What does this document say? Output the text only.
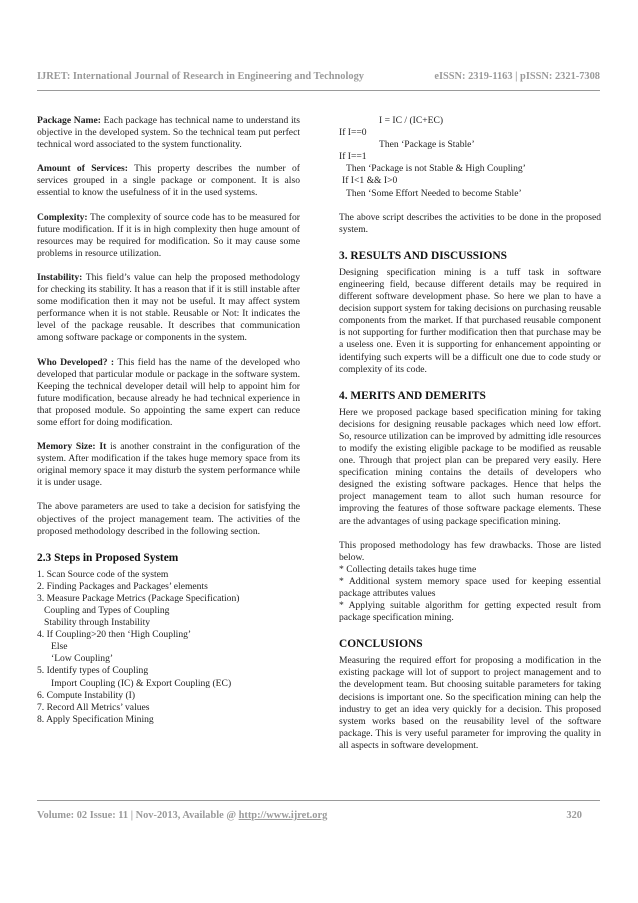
IJRET: International Journal of Research in Engineering and Technology	eISSN: 2319-1163 | pISSN: 2321-7308

Package Name: Each package has technical name to understand its objective in the developed system. So the technical team put perfect technical word associated to the system functionality.

Amount of Services: This property describes the number of services grouped in a single package or component. It is also essential to know the usefulness of it in the used systems.

Complexity: The complexity of source code has to be measured for future modification. If it is in high complexity then huge amount of resources may be required for modification. So it may cause some problems in resource utilization.

Instability: This field’s value can help the proposed methodology for checking its stability. It has a reason that if it is still instable after some modification then it may not be useful. It may affect system performance when it is not stable. Reusable or Not: It indicates the level of the package reusable. It describes that communication among software package or components in the system.

Who Developed? : This field has the name of the developed who developed that particular module or package in the software system. Keeping the technical developer detail will help to appoint him for future modification, because already he had technical experience in that proposed module. So appointing the same expert can reduce some effort for doing modification.

Memory Size: It is another constraint in the configuration of the system. After modification if the takes huge memory space from its original memory space it may disturb the system performance while it is under usage.

The above parameters are used to take a decision for satisfying the objectives of the project management team. The activities of the proposed methodology described in the following section.

2.3 Steps in Proposed System
1. Scan Source code of the system
2. Finding Packages and Packages’ elements
3. Measure Package Metrics (Package Specification)
Coupling and Types of Coupling
Stability through Instability
4. If Coupling>20 then ‘High Coupling’
Else
‘Low Coupling’
5. Identify types of Coupling
Import Coupling (IC) & Export Coupling (EC)
6. Compute Instability (I)
7. Record All Metrics’ values
8. Apply Specification Mining
I = IC / (IC+EC)
If I==0
Then ‘Package is Stable’
If I==1
Then ‘Package is not Stable & High Coupling’
If I<1 && I>0
Then ‘Some Effort Needed to become Stable’

The above script describes the activities to be done in the proposed system.

3. RESULTS AND DISCUSSIONS

Designing specification mining is a tuff task in software engineering field, because different details may be required in different software development phase. So here we plan to have a decision support system for taking decisions on purchasing reusable components from the market. If that purchased reusable component is not supporting for further modification then that purchase may be a useless one. Even it is supporting for enhancement appointing or identifying such experts will be a difficult one due to code study or complexity of its code.

4. MERITS AND DEMERITS

Here we proposed package based specification mining for taking decisions for designing reusable packages which need low effort. So, resource utilization can be improved by admitting idle resources to modify the existing eligible package to be modified as reusable one. Through that project plan can be prepared very easily. Here specification mining contains the details of developers who designed the existing software packages. Hence that helps the project management team to allot such human resource for improving the features of those software package elements. These are the advantages of using package specification mining.

This proposed methodology has few drawbacks. Those are listed below.

* Collecting details takes huge time

* Additional system memory space used for keeping essential package attributes values

* Applying suitable algorithm for getting expected result from package specification mining.

CONCLUSIONS

Measuring the required effort for proposing a modification in the existing package will lot of support to project management and to the development team. But choosing suitable parameters for taking decisions is important one. So the specification mining can help the industry to get an idea very quickly for a decision. This proposed system works based on the reusability level of the software package. This is very useful parameter for improving the quality in all aspects in software development.

Volume: 02 Issue: 11 | Nov-2013, Available @ http://www.ijret.org	320
